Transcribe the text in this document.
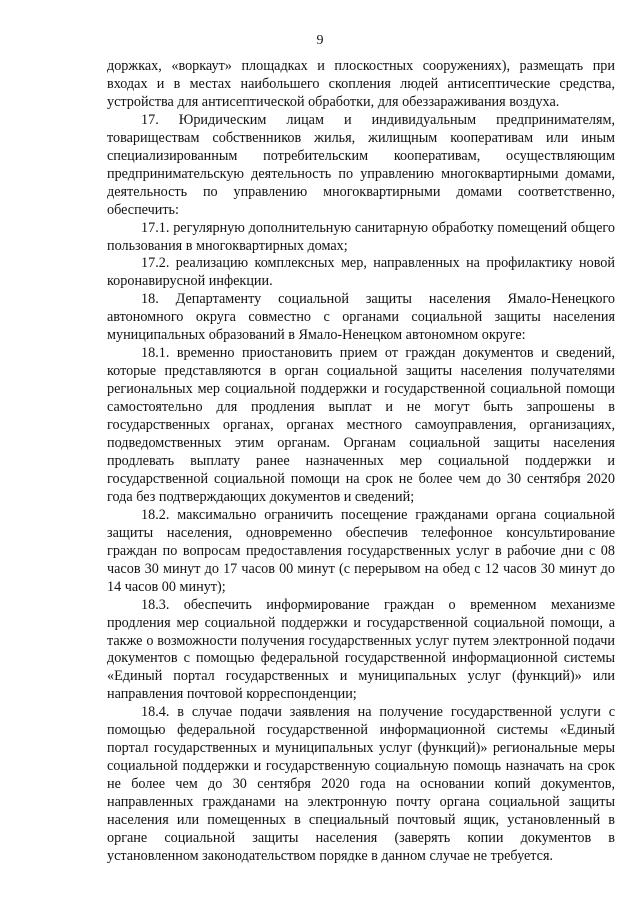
9

доржках, «воркаут» площадках и плоскостных сооружениях), размещать при входах и в местах наибольшего скопления людей антисептические средства, устройства для антисептической обработки, для обеззараживания воздуха.

17. Юридическим лицам и индивидуальным предпринимателям, товариществам собственников жилья, жилищным кооперативам или иным специализированным потребительским кооперативам, осуществляющим предпринимательскую деятельность по управлению многоквартирными домами, деятельность по управлению многоквартирными домами соответственно, обеспечить:

17.1. регулярную дополнительную санитарную обработку помещений общего пользования в многоквартирных домах;

17.2. реализацию комплексных мер, направленных на профилактику новой коронавирусной инфекции.

18. Департаменту социальной защиты населения Ямало-Ненецкого автономного округа совместно с органами социальной защиты населения муниципальных образований в Ямало-Ненецком автономном округе:

18.1. временно приостановить прием от граждан документов и сведений, которые представляются в орган социальной защиты населения получателями региональных мер социальной поддержки и государственной социальной помощи самостоятельно для продления выплат и не могут быть запрошены в государственных органах, органах местного самоуправления, организациях, подведомственных этим органам. Органам социальной защиты населения продлевать выплату ранее назначенных мер социальной поддержки и государственной социальной помощи на срок не более чем до 30 сентября 2020 года без подтверждающих документов и сведений;

18.2. максимально ограничить посещение гражданами органа социальной защиты населения, одновременно обеспечив телефонное консультирование граждан по вопросам предоставления государственных услуг в рабочие дни с 08 часов 30 минут до 17 часов 00 минут (с перерывом на обед с 12 часов 30 минут до 14 часов 00 минут);

18.3. обеспечить информирование граждан о временном механизме продления мер социальной поддержки и государственной социальной помощи, а также о возможности получения государственных услуг путем электронной подачи документов с помощью федеральной государственной информационной системы «Единый портал государственных и муниципальных услуг (функций)» или направления почтовой корреспонденции;

18.4. в случае подачи заявления на получение государственной услуги с помощью федеральной государственной информационной системы «Единый портал государственных и муниципальных услуг (функций)» региональные меры социальной поддержки и государственную социальную помощь назначать на срок не более чем до 30 сентября 2020 года на основании копий документов, направленных гражданами на электронную почту органа социальной защиты населения или помещенных в специальный почтовый ящик, установленный в органе социальной защиты населения (заверять копии документов в установленном законодательством порядке в данном случае не требуется.
